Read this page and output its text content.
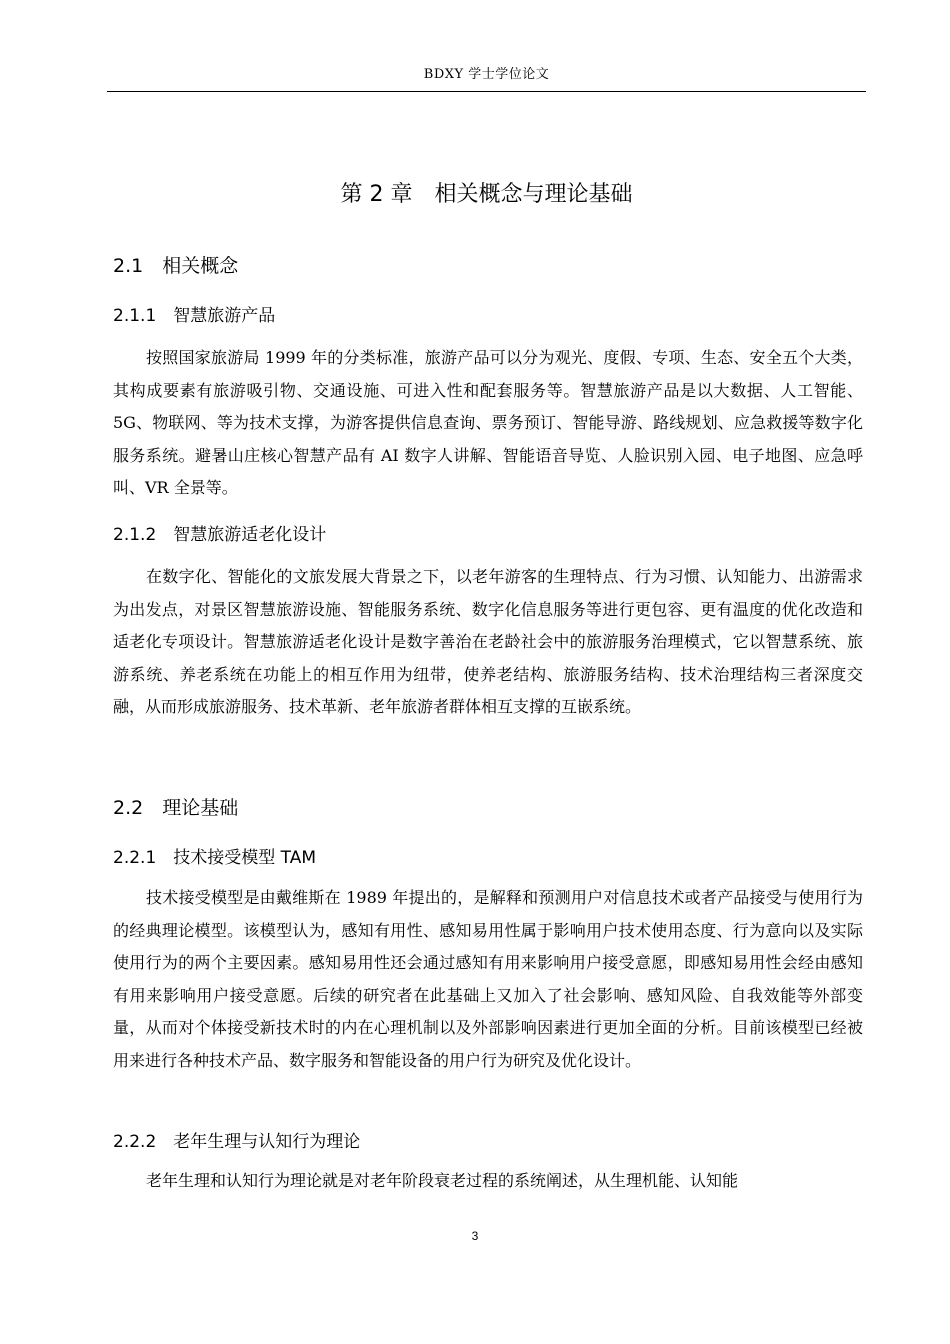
BDXY 学士学位论文
第 2 章　相关概念与理论基础
2.1　相关概念
2.1.1　智慧旅游产品

按照国家旅游局 1999 年的分类标准，旅游产品可以分为观光、度假、专项、生态、安全五个大类，其构成要素有旅游吸引物、交通设施、可进入性和配套服务等。智慧旅游产品是以大数据、人工智能、5G、物联网、等为技术支撑，为游客提供信息查询、票务预订、智能导游、路线规划、应急救援等数字化服务系统。避暑山庄核心智慧产品有 AI 数字人讲解、智能语音导览、人脸识别入园、电子地图、应急呼叫、VR 全景等。

2.1.2　智慧旅游适老化设计

在数字化、智能化的文旅发展大背景之下，以老年游客的生理特点、行为习惯、认知能力、出游需求为出发点，对景区智慧旅游设施、智能服务系统、数字化信息服务等进行更包容、更有温度的优化改造和适老化专项设计。智慧旅游适老化设计是数字善治在老龄社会中的旅游服务治理模式，它以智慧系统、旅游系统、养老系统在功能上的相互作用为纽带，使养老结构、旅游服务结构、技术治理结构三者深度交融，从而形成旅游服务、技术革新、老年旅游者群体相互支撑的互嵌系统。

2.2　理论基础
2.2.1　技术接受模型 TAM

技术接受模型是由戴维斯在 1989 年提出的，是解释和预测用户对信息技术或者产品接受与使用行为的经典理论模型。该模型认为，感知有用性、感知易用性属于影响用户技术使用态度、行为意向以及实际使用行为的两个主要因素。感知易用性还会通过感知有用来影响用户接受意愿，即感知易用性会经由感知有用来影响用户接受意愿。后续的研究者在此基础上又加入了社会影响、感知风险、自我效能等外部变量，从而对个体接受新技术时的内在心理机制以及外部影响因素进行更加全面的分析。目前该模型已经被用来进行各种技术产品、数字服务和智能设备的用户行为研究及优化设计。

2.2.2　老年生理与认知行为理论

老年生理和认知行为理论就是对老年阶段衰老过程的系统阐述，从生理机能、认知能

3
